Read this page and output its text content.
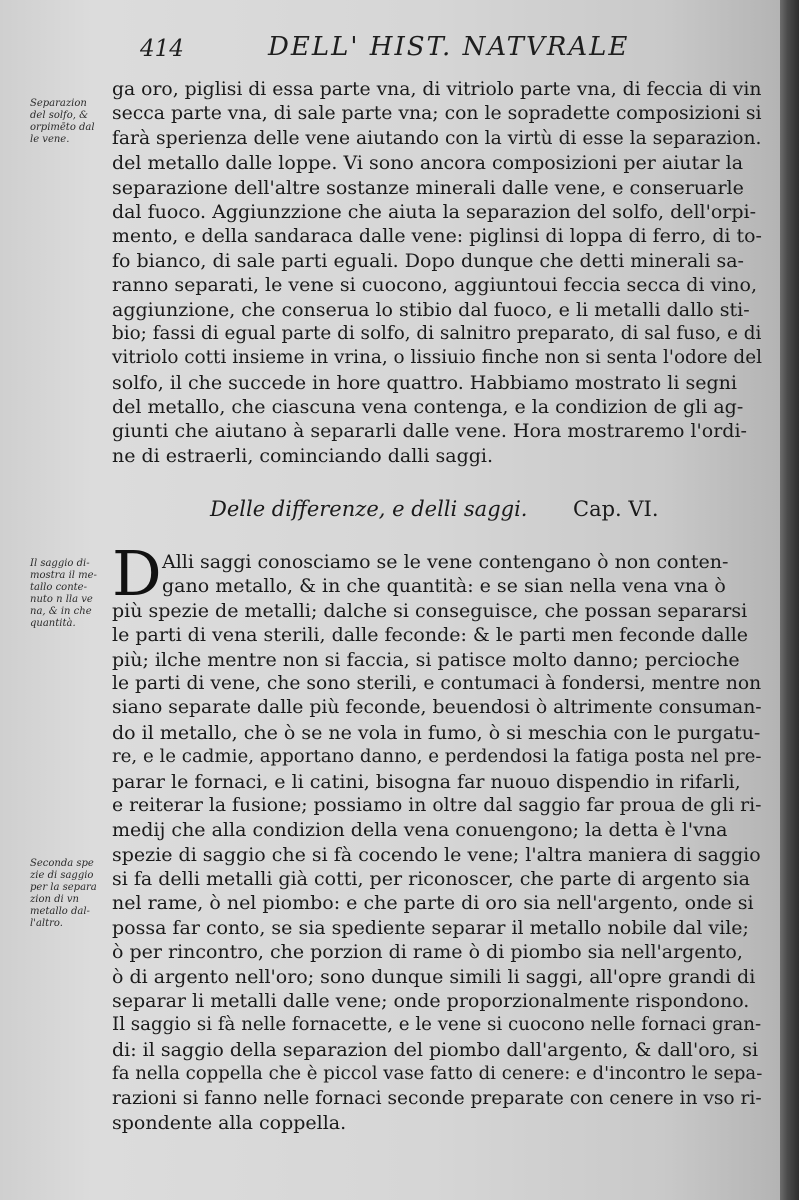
414	DELL' HIST. NATVRALE
Separazion
del solfo, &
orpimēto dal
le vene.
ga oro, piglisi di essa parte vna, di vitriolo parte vna, di feccia di vin
secca parte vna, di sale parte vna; con le sopradette composizioni si
farà sperienza delle vene aiutando con la virtù di esse la separazion.
del metallo dalle loppe. Vi sono ancora composizioni per aiutar la
separazione dell'altre sostanze minerali dalle vene, e conseruarle
dal fuoco. Aggiunzzione che aiuta la separazion del solfo, dell'orpi-
mento, e della sandaraca dalle vene: piglinsi di loppa di ferro, di to-
fo bianco, di sale parti eguali. Dopo dunque che detti minerali sa-
ranno separati, le vene si cuocono, aggiuntoui feccia secca di vino,
aggiunzione, che conserua lo stibio dal fuoco, e li metalli dallo sti-
bio; fassi di egual parte di solfo, di salnitro preparato, di sal fuso, e di
vitriolo cotti insieme in vrina, o lissiuio finche non si senta l'odore del
solfo, il che succede in hore quattro. Habbiamo mostrato li segni
del metallo, che ciascuna vena contenga, e la condizion de gli ag-
giunti che aiutano à separarli dalle vene. Hora mostraremo l'ordi-
ne di estraerli, cominciando dalli saggi.
Delle differenze, e delli saggi. Cap. VI.
Il saggio di-
mostra il me-
tallo conte-
nuto n lla ve
na, & in che
quantità.
D Alli saggi conosciamo se le vene contengano ò non conten-
gano metallo, & in che quantità: e se sian nella vena vna ò
più spezie de metalli; dalche si conseguisce, che possan separarsi
le parti di vena sterili, dalle feconde: & le parti men feconde dalle
più; ilche mentre non si faccia, si patisce molto danno; percioche
le parti di vene, che sono sterili, e contumaci à fondersi, mentre non
siano separate dalle più feconde, beuendosi ò altrimente consuman-
do il metallo, che ò se ne vola in fumo, ò si meschia con le purgatu-
re, e le cadmie, apportano danno, e perdendosi la fatiga posta nel pre-
parar le fornaci, e li catini, bisogna far nuouo dispendio in rifarli,
e reiterar la fusione; possiamo in oltre dal saggio far proua de gli ri-
medij che alla condizion della vena conuengono; la detta è l'vna
spezie di saggio che si fà cocendo le vene; l'altra maniera di saggio
si fa delli metalli già cotti, per riconoscer, che parte di argento sia
nel rame, ò nel piombo: e che parte di oro sia nell'argento, onde si
possa far conto, se sia spediente separar il metallo nobile dal vile;
ò per rincontro, che porzion di rame ò di piombo sia nell'argento,
ò di argento nell'oro; sono dunque simili li saggi, all'opre grandi di
separar li metalli dalle vene; onde proporzionalmente rispondono.
Il saggio si fà nelle fornacette, e le vene si cuocono nelle fornaci gran-
di: il saggio della separazion del piombo dall'argento, & dall'oro, si
fa nella coppella che è piccol vase fatto di cenere: e d'incontro le sepa-
razioni si fanno nelle fornaci seconde preparate con cenere in vso ri-
spondente alla coppella.
Seconda spe
zie di saggio
per la separa
zion di vn
metallo dal-
l'altro.
